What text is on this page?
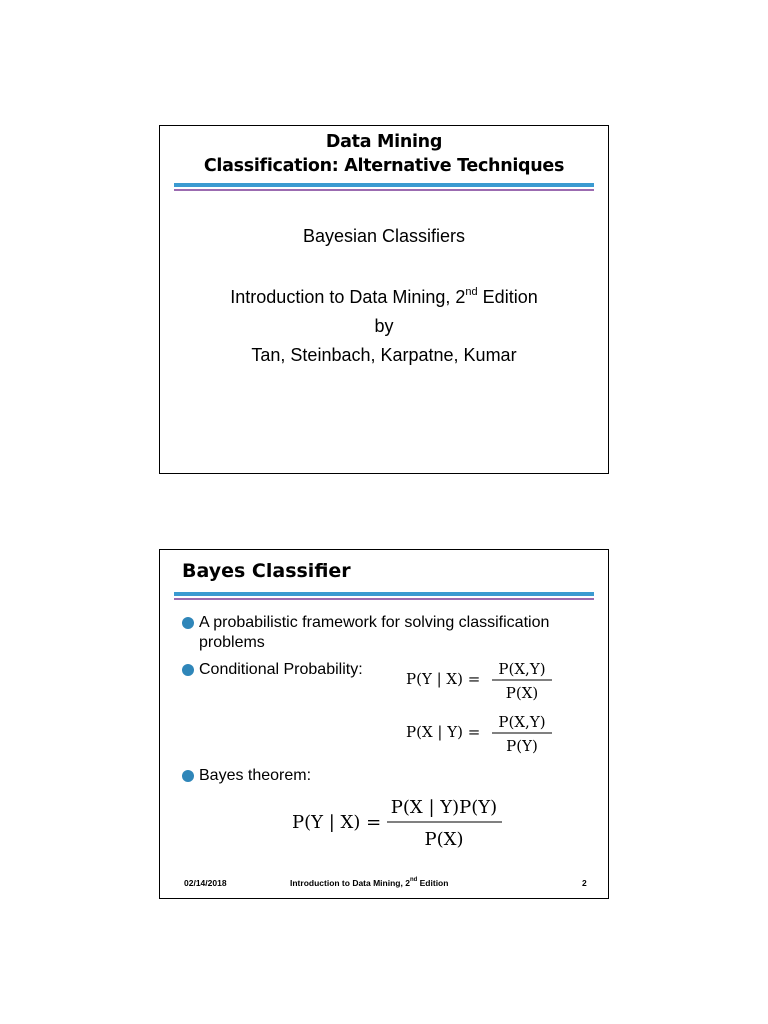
Data Mining
Classification: Alternative Techniques
Bayesian Classifiers
Introduction to Data Mining, 2nd Edition
by
Tan, Steinbach, Karpatne, Kumar
Bayes Classifier
A probabilistic framework for solving classification
problems
Conditional Probability:
Bayes theorem:
P(Y | X) =
P(X,Y)
P(X)
P(X | Y) =
P(X,Y)
P(Y)
P(Y | X) =
P(X | Y)P(Y)
P(X)
02/14/2018	Introduction to Data Mining, 2nd Edition	2
